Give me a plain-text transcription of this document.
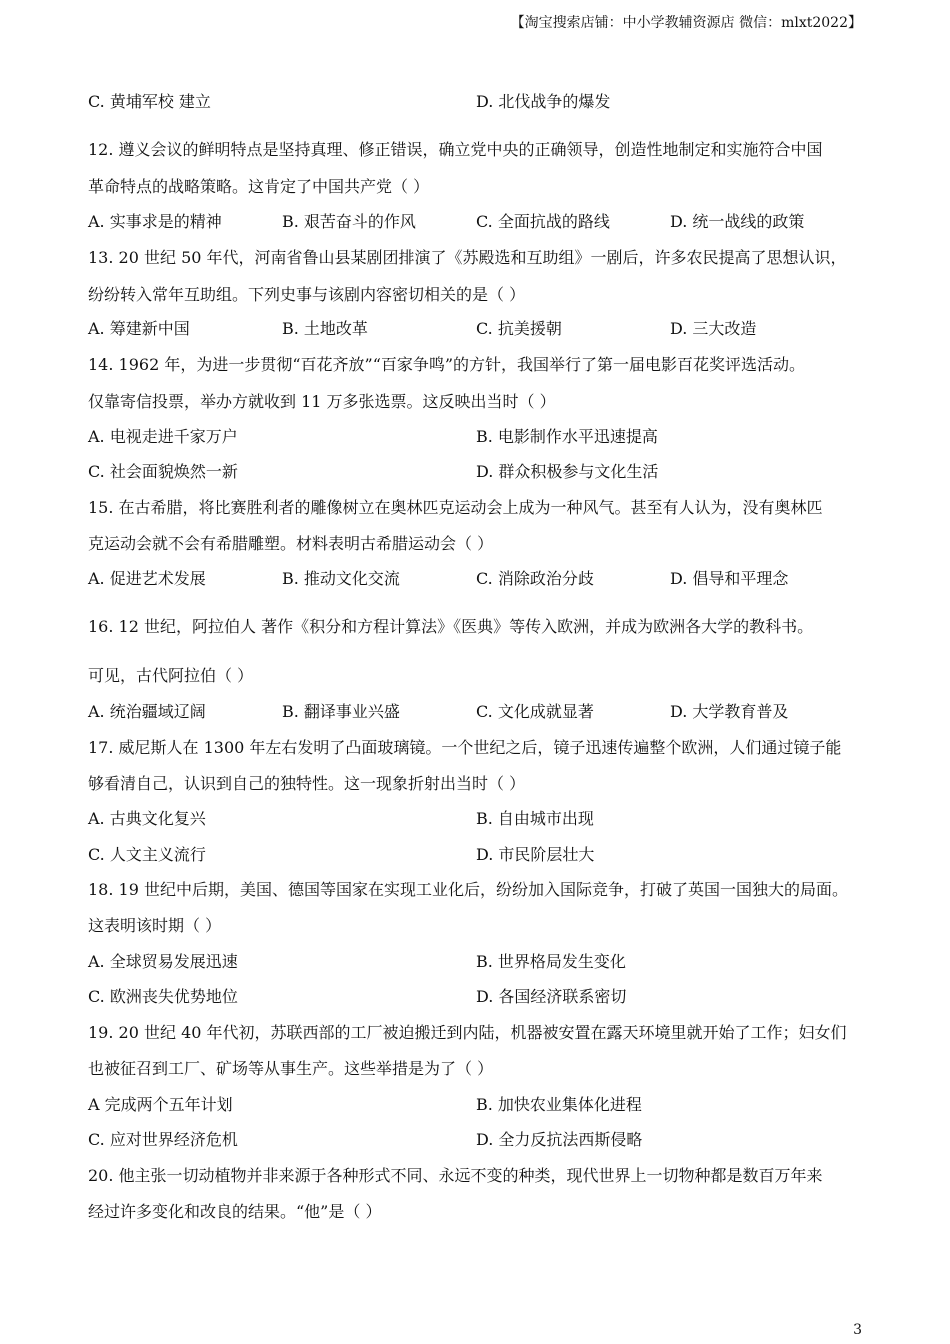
【淘宝搜索店铺：中小学教辅资源店 微信：mlxt2022】
C. 黄埔军校 建立	D. 北伐战争的爆发
12. 遵义会议的鲜明特点是坚持真理、修正错误，确立党中央的正确领导，创造性地制定和实施符合中国
革命特点的战略策略。这肯定了中国共产党（ ）
A. 实事求是的精神	B. 艰苦奋斗的作风	C. 全面抗战的路线	D. 统一战线的政策
13. 20 世纪 50 年代，河南省鲁山县某剧团排演了《苏殿选和互助组》一剧后，许多农民提高了思想认识，
纷纷转入常年互助组。下列史事与该剧内容密切相关的是（ ）
A. 筹建新中国	B. 土地改革	C. 抗美援朝	D. 三大改造
14. 1962 年，为进一步贯彻“百花齐放”“百家争鸣”的方针，我国举行了第一届电影百花奖评选活动。
仅靠寄信投票，举办方就收到 11 万多张选票。这反映出当时（ ）
A. 电视走进千家万户	B. 电影制作水平迅速提高
C. 社会面貌焕然一新	D. 群众积极参与文化生活
15. 在古希腊，将比赛胜利者的雕像树立在奥林匹克运动会上成为一种风气。甚至有人认为，没有奥林匹
克运动会就不会有希腊雕塑。材料表明古希腊运动会（ ）
A. 促进艺术发展	B. 推动文化交流	C. 消除政治分歧	D. 倡导和平理念
16. 12 世纪，阿拉伯人 著作《积分和方程计算法》《医典》等传入欧洲，并成为欧洲各大学的教科书。
可见，古代阿拉伯（ ）
A. 统治疆域辽阔	B. 翻译事业兴盛	C. 文化成就显著	D. 大学教育普及
17. 威尼斯人在 1300 年左右发明了凸面玻璃镜。一个世纪之后，镜子迅速传遍整个欧洲，人们通过镜子能
够看清自己，认识到自己的独特性。这一现象折射出当时（ ）
A. 古典文化复兴	B. 自由城市出现
C. 人文主义流行	D. 市民阶层壮大
18. 19 世纪中后期，美国、德国等国家在实现工业化后，纷纷加入国际竞争，打破了英国一国独大的局面。
这表明该时期（ ）
A. 全球贸易发展迅速	B. 世界格局发生变化
C. 欧洲丧失优势地位	D. 各国经济联系密切
19. 20 世纪 40 年代初，苏联西部的工厂被迫搬迁到内陆，机器被安置在露天环境里就开始了工作；妇女们
也被征召到工厂、矿场等从事生产。这些举措是为了（ ）
A 完成两个五年计划	B. 加快农业集体化进程
C. 应对世界经济危机	D. 全力反抗法西斯侵略
20. 他主张一切动植物并非来源于各种形式不同、永远不变的种类，现代世界上一切物种都是数百万年来
经过许多变化和改良的结果。“他”是（ ）
3
